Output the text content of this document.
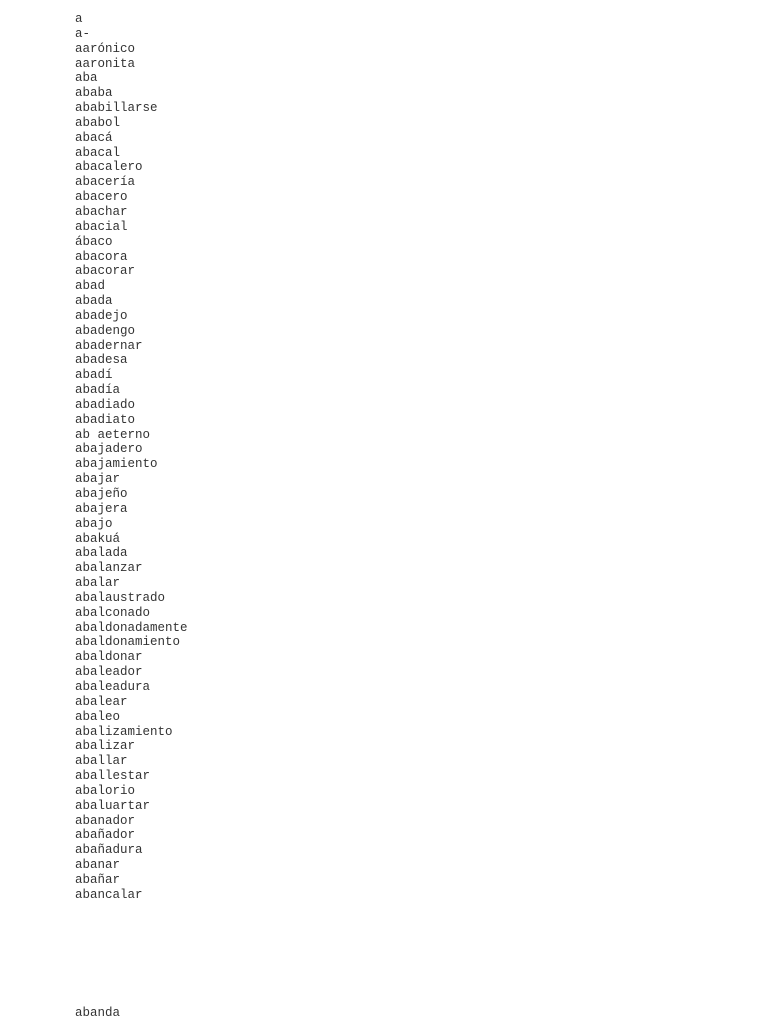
a
a-
aarónico
aaronita
aba
ababa
ababillarse
ababol
abacá
abacal
abacalero
abacería
abacero
abachar
abacial
ábaco
abacora
abacorar
abad
abada
abadejo
abadengo
abadernar
abadesa
abadí
abadía
abadiado
abadiato
ab aeterno
abajadero
abajamiento
abajar
abajeño
abajera
abajo
abakuá
abalada
abalanzar
abalar
abalaustrado
abalconado
abaldonadamente
abaldonamiento
abaldonar
abaleador
abaleadura
abalear
abaleo
abalizamiento
abalizar
aballar
aballestar
abalorio
abaluartar
abanador
abañador
abañadura
abanar
abañar
abancalar
abanda
